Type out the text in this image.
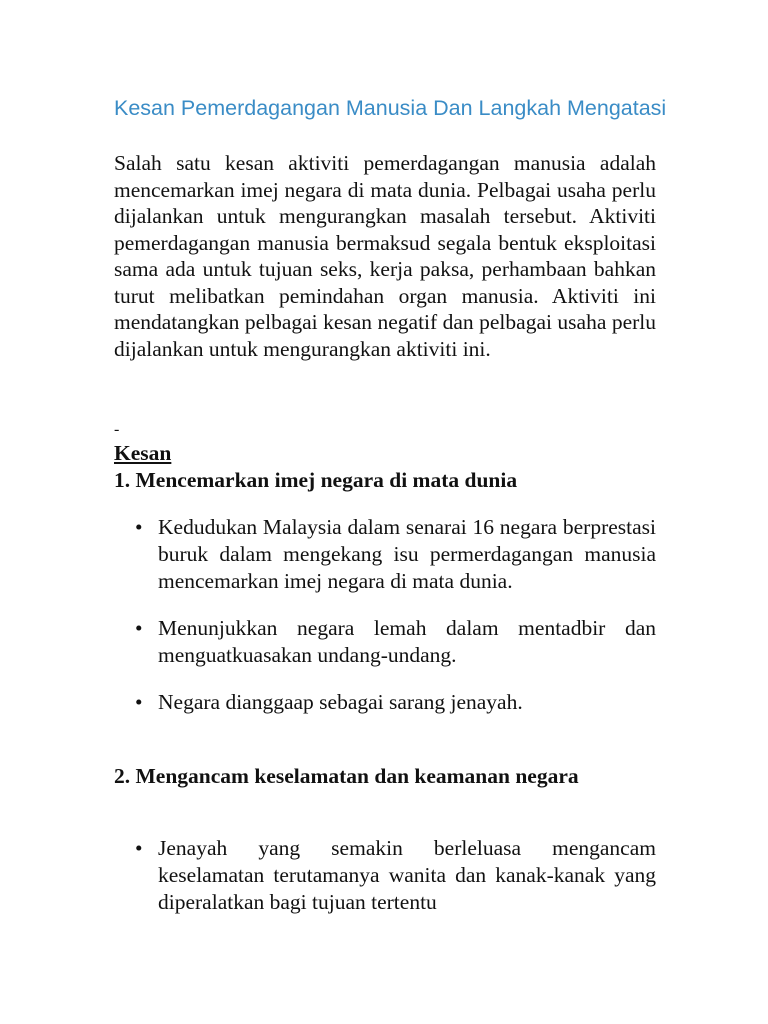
Kesan Pemerdagangan Manusia Dan Langkah Mengatasi

Salah satu kesan aktiviti pemerdagangan manusia adalah mencemarkan imej negara di mata dunia. Pelbagai usaha perlu dijalankan untuk mengurangkan masalah tersebut. Aktiviti pemerdagangan manusia bermaksud segala bentuk eksploitasi sama ada untuk tujuan seks, kerja paksa, perhambaan bahkan turut melibatkan pemindahan organ manusia. Aktiviti ini mendatangkan pelbagai kesan negatif dan pelbagai usaha perlu dijalankan untuk mengurangkan aktiviti ini.

-

Kesan

1. Mencemarkan imej negara di mata dunia

• Kedudukan Malaysia dalam senarai 16 negara berprestasi buruk dalam mengekang isu permerdagangan manusia mencemarkan imej negara di mata dunia.
• Menunjukkan negara lemah dalam mentadbir dan menguatkuasakan undang-undang.
• Negara dianggaap sebagai sarang jenayah.

2. Mengancam keselamatan dan keamanan negara

• Jenayah yang semakin berleluasa mengancam keselamatan terutamanya wanita dan kanak-kanak yang diperalatkan bagi tujuan tertentu
